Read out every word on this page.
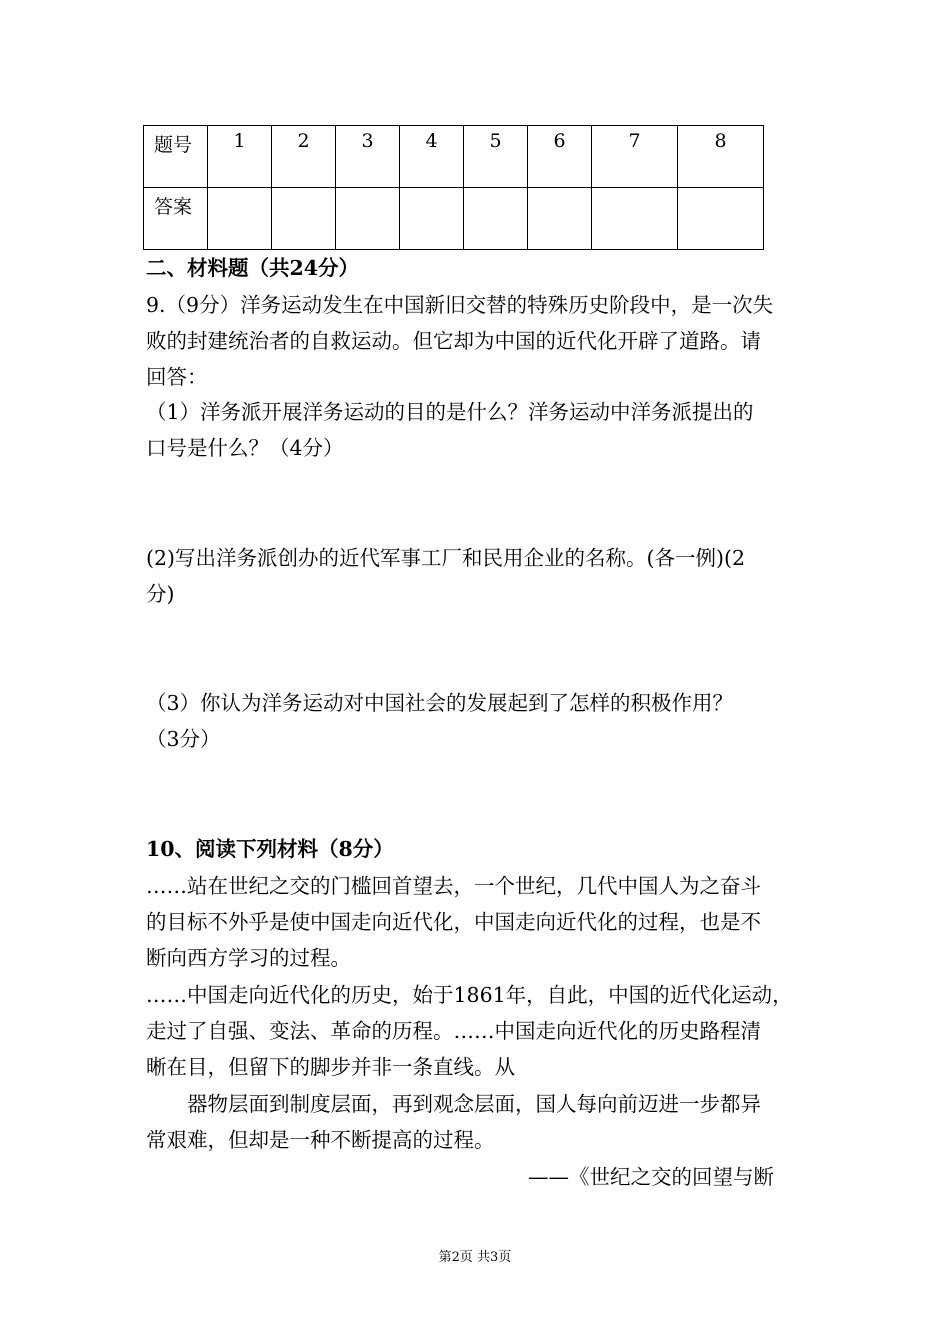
题号	1	2	3	4	5	6	7	8
答案								
二、材料题（共24分）
9.（9分）洋务运动发生在中国新旧交替的特殊历史阶段中，是一次失
败的封建统治者的自救运动。但它却为中国的近代化开辟了道路。请
回答：
（1）洋务派开展洋务运动的目的是什么？洋务运动中洋务派提出的
口号是什么？（4分）
(2)写出洋务派创办的近代军事工厂和民用企业的名称。(各一例)(2
分)
（3）你认为洋务运动对中国社会的发展起到了怎样的积极作用？
（3分）
10、阅读下列材料（8分）
……站在世纪之交的门槛回首望去，一个世纪，几代中国人为之奋斗
的目标不外乎是使中国走向近代化，中国走向近代化的过程，也是不
断向西方学习的过程。
……中国走向近代化的历史，始于1861年，自此，中国的近代化运动，
走过了自强、变法、革命的历程。……中国走向近代化的历史路程清
晰在目，但留下的脚步并非一条直线。从
器物层面到制度层面，再到观念层面，国人每向前迈进一步都异
常艰难，但却是一种不断提高的过程。
——《世纪之交的回望与断
第2页 共3页
